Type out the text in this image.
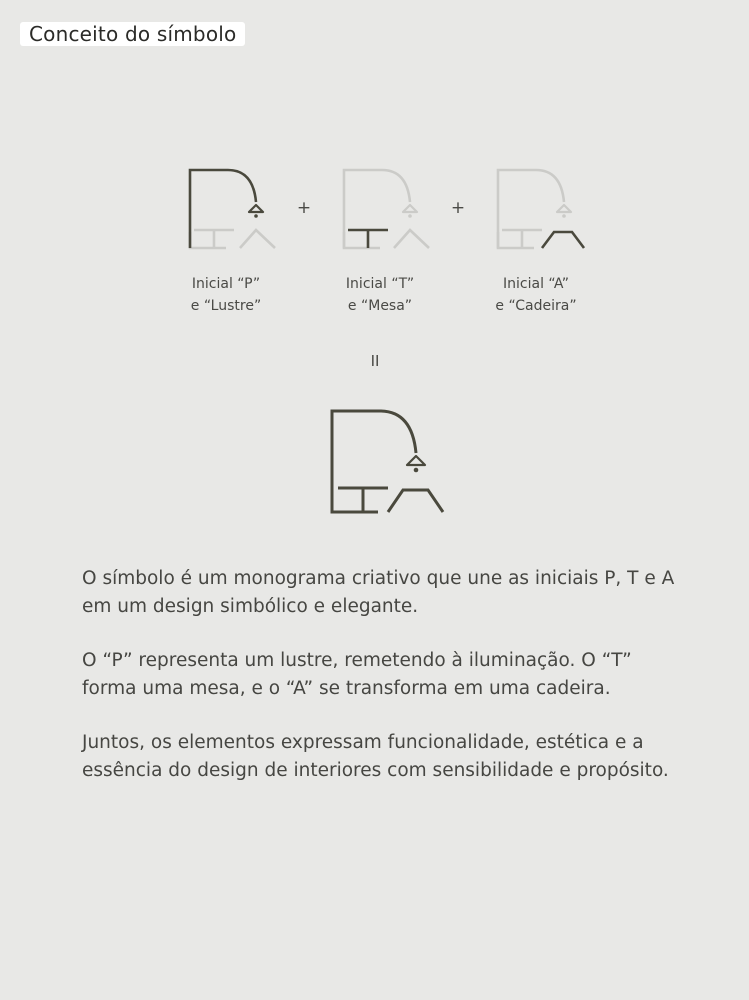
Conceito do símbolo
+	+
Inicial “P”
e “Lustre”
Inicial “T”
e “Mesa”
Inicial “A”
e “Cadeira”
II

O símbolo é um monograma criativo que une as iniciais P, T e A em um design simbólico e elegante.

O “P” representa um lustre, remetendo à iluminação. O “T” forma uma mesa, e o “A” se transforma em uma cadeira.

Juntos, os elementos expressam funcionalidade, estética e a essência do design de interiores com sensibilidade e propósito.
